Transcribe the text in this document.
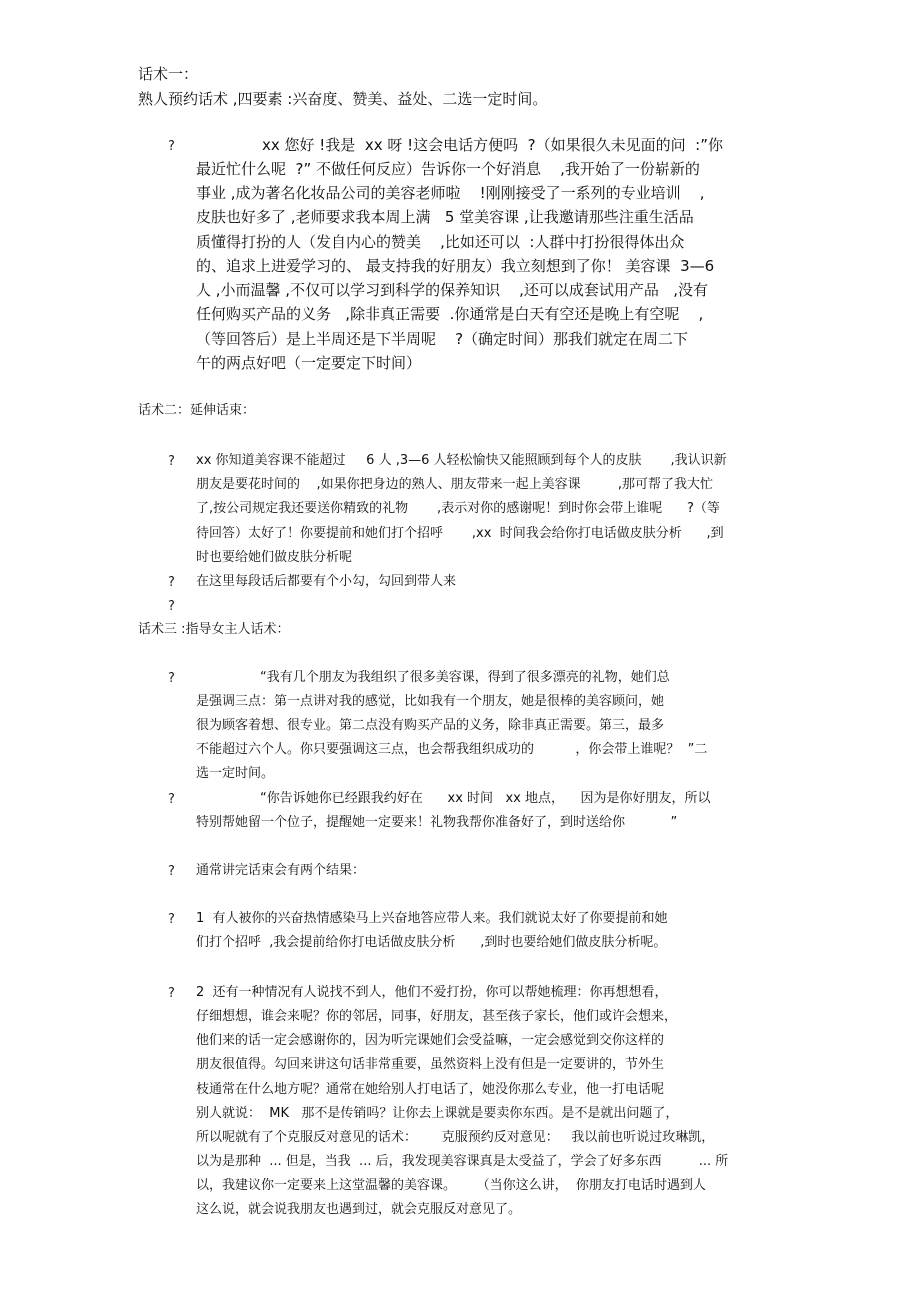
话术一：
熟人预约话术 ,四要素 :兴奋度、赞美、益处、二选一定时间。
?	xx 您好 !我是  xx 呀 !这会电话方便吗  ?（如果很久未见面的问  :”你
最近忙什么呢  ?” 不做任何反应）告诉你一个好消息    ,我开始了一份崭新的
事业 ,成为著名化妆品公司的美容老师啦    !刚刚接受了一系列的专业培训    ,
皮肤也好多了 ,老师要求我本周上满   5 堂美容课 ,让我邀请那些注重生活品
质懂得打扮的人（发自内心的赞美    ,比如还可以  :人群中打扮很得体出众
的、追求上进爱学习的、 最支持我的好朋友）我立刻想到了你！ 美容课  3—6
人 ,小而温馨 ,不仅可以学习到科学的保养知识    ,还可以成套试用产品   ,没有
任何购买产品的义务   ,除非真正需要  .你通常是白天有空还是晚上有空呢    ,
（等回答后）是上半周还是下半周呢    ?（确定时间）那我们就定在周二下
午的两点好吧（一定要定下时间）
话术二：延伸话束：
? xx 你知道美容课不能超过     6 人 ,3—6 人轻松愉快又能照顾到每个人的皮肤       ,我认识新
朋友是要花时间的    ,如果你把身边的熟人、朋友带来一起上美容课         ,那可帮了我大忙
了,按公司规定我还要送你精致的礼物       ,表示对你的感谢呢！到时你会带上谁呢      ?（等
待回答）太好了！你要提前和她们打个招呼       ,xx  时间我会给你打电话做皮肤分析      ,到
时也要给她们做皮肤分析呢
? 在这里每段话后都要有个小勾，勾回到带人来
?
话术三 :指导女主人话术：
?	“我有几个朋友为我组织了很多美容课，得到了很多漂亮的礼物，她们总
是强调三点：第一点讲对我的感觉，比如我有一个朋友，她是很棒的美容顾问，她
很为顾客着想、很专业。第二点没有购买产品的义务，除非真正需要。第三，最多
不能超过六个人。你只要强调这三点，也会帮我组织成功的          ，你会带上谁呢？  ”二
选一定时间。
?	“你告诉她你已经跟我约好在      xx 时间   xx 地点，    因为是你好朋友，所以
特别帮她留一个位子，提醒她一定要来！礼物我帮你准备好了，到时送给你           ”
? 通常讲完话束会有两个结果：
? 1  有人被你的兴奋热情感染马上兴奋地答应带人来。我们就说太好了你要提前和她
们打个招呼  ,我会提前给你打电话做皮肤分析      ,到时也要给她们做皮肤分析呢。
? 2  还有一种情况有人说找不到人，他们不爱打扮，你可以帮她梳理：你再想想看，
仔细想想，谁会来呢？你的邻居，同事，好朋友，甚至孩子家长，他们或许会想来，
他们来的话一定会感谢你的，因为听完课她们会受益嘛，一定会感觉到交你这样的
朋友很值得。勾回来讲这句话非常重要，虽然资料上没有但是一定要讲的，节外生
枝通常在什么地方呢？通常在她给别人打电话了，她没你那么专业，他一打电话呢
别人就说：  MK   那不是传销吗？让你去上课就是要卖你东西。是不是就出问题了，
所以呢就有了个克服反对意见的话术：      克服预约反对意见：   我以前也听说过玫琳凯，
以为是那种  ... 但是，当我  ... 后，我发现美容课真是太受益了，学会了好多东西         ... 所
以，我建议你一定要来上这堂温馨的美容课。     （当你这么讲，  你朋友打电话时遇到人
这么说，就会说我朋友也遇到过，就会克服反对意见了。
